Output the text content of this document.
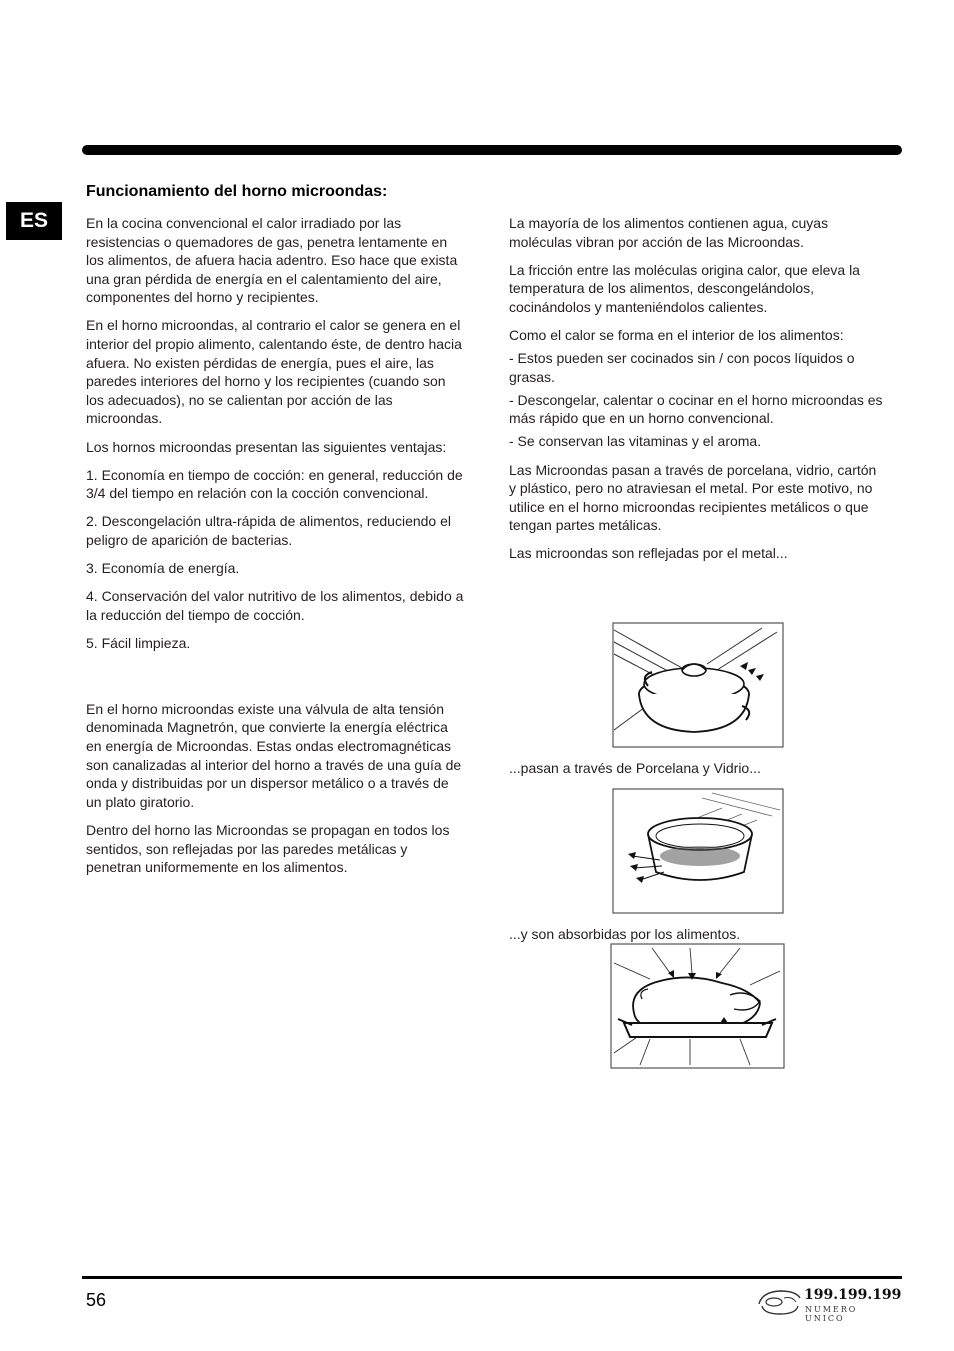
ES
Funcionamiento del horno microondas:

En la cocina convencional el calor irradiado por las resistencias o quemadores de gas, penetra lentamente en los alimentos, de afuera hacia adentro. Eso hace que exista una gran pérdida de energía en el calentamiento del aire, componentes del horno y recipientes.

En el horno microondas, al contrario el calor se genera en el interior del propio alimento, calentando éste, de dentro hacia afuera. No existen pérdidas de energía, pues el aire, las paredes interiores del horno y los recipientes (cuando son los adecuados), no se calientan por acción de las microondas.

Los hornos microondas presentan las siguientes ventajas:

1. Economía en tiempo de cocción: en general, reducción de 3/4 del tiempo en relación con la cocción convencional.

2. Descongelación ultra-rápida de alimentos, reduciendo el peligro de aparición de bacterias.

3. Economía de energía.

4. Conservación del valor nutritivo de los alimentos, debido a la reducción del tiempo de cocción.

5. Fácil limpieza.

En el horno microondas existe una válvula de alta tensión denominada Magnetrón, que convierte la energía eléctrica en energía de Microondas. Estas ondas electromagnéticas son canalizadas al interior del horno a través de una guía de onda y distribuidas por un dispersor metálico o a través de un plato giratorio.

Dentro del horno las Microondas se propagan en todos los sentidos, son reflejadas por las paredes metálicas y penetran uniformemente en los alimentos.

La mayoría de los alimentos contienen agua, cuyas moléculas vibran por acción de las Microondas.

La fricción entre las moléculas origina calor, que eleva la temperatura de los alimentos, descongelándolos, cocinándolos y manteniéndolos calientes.

Como el calor se forma en el interior de los alimentos:

- Estos pueden ser cocinados sin / con pocos líquidos o grasas.

- Descongelar, calentar o cocinar en el horno microondas es más rápido que en un horno convencional.

- Se conservan las vitaminas y el aroma.

Las Microondas pasan a través de porcelana, vidrio, cartón y plástico, pero no atraviesan el metal. Por este motivo, no utilice en el horno microondas recipientes metálicos o que tengan partes metálicas.

Las microondas son reflejadas por el metal...

...pasan a través de Porcelana y Vidrio...
...y son absorbidas por los alimentos.
56	199.199.199
NUMERO UNICO
